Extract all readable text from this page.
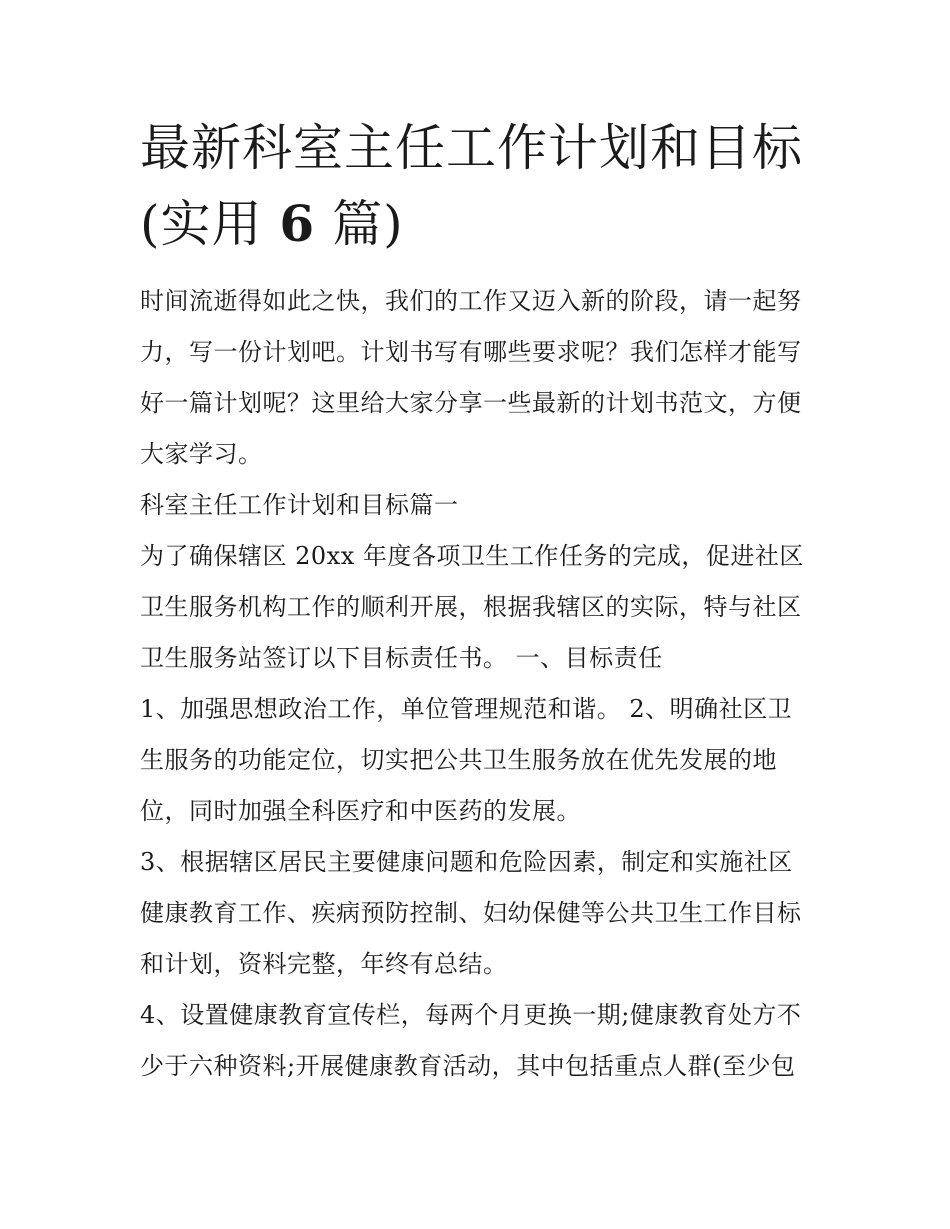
最新科室主任工作计划和目标
(实用 6 篇)
时间流逝得如此之快，我们的工作又迈入新的阶段，请一起努
力，写一份计划吧。计划书写有哪些要求呢？我们怎样才能写
好一篇计划呢？这里给大家分享一些最新的计划书范文，方便
大家学习。
科室主任工作计划和目标篇一
为了确保辖区 20xx 年度各项卫生工作任务的完成，促进社区
卫生服务机构工作的顺利开展，根据我辖区的实际，特与社区
卫生服务站签订以下目标责任书。 一、目标责任
1、加强思想政治工作，单位管理规范和谐。 2、明确社区卫
生服务的功能定位，切实把公共卫生服务放在优先发展的地
位，同时加强全科医疗和中医药的发展。
3、根据辖区居民主要健康问题和危险因素，制定和实施社区
健康教育工作、疾病预防控制、妇幼保健等公共卫生工作目标
和计划，资料完整，年终有总结。
4、设置健康教育宣传栏，每两个月更换一期;健康教育处方不
少于六种资料;开展健康教育活动，其中包括重点人群(至少包
